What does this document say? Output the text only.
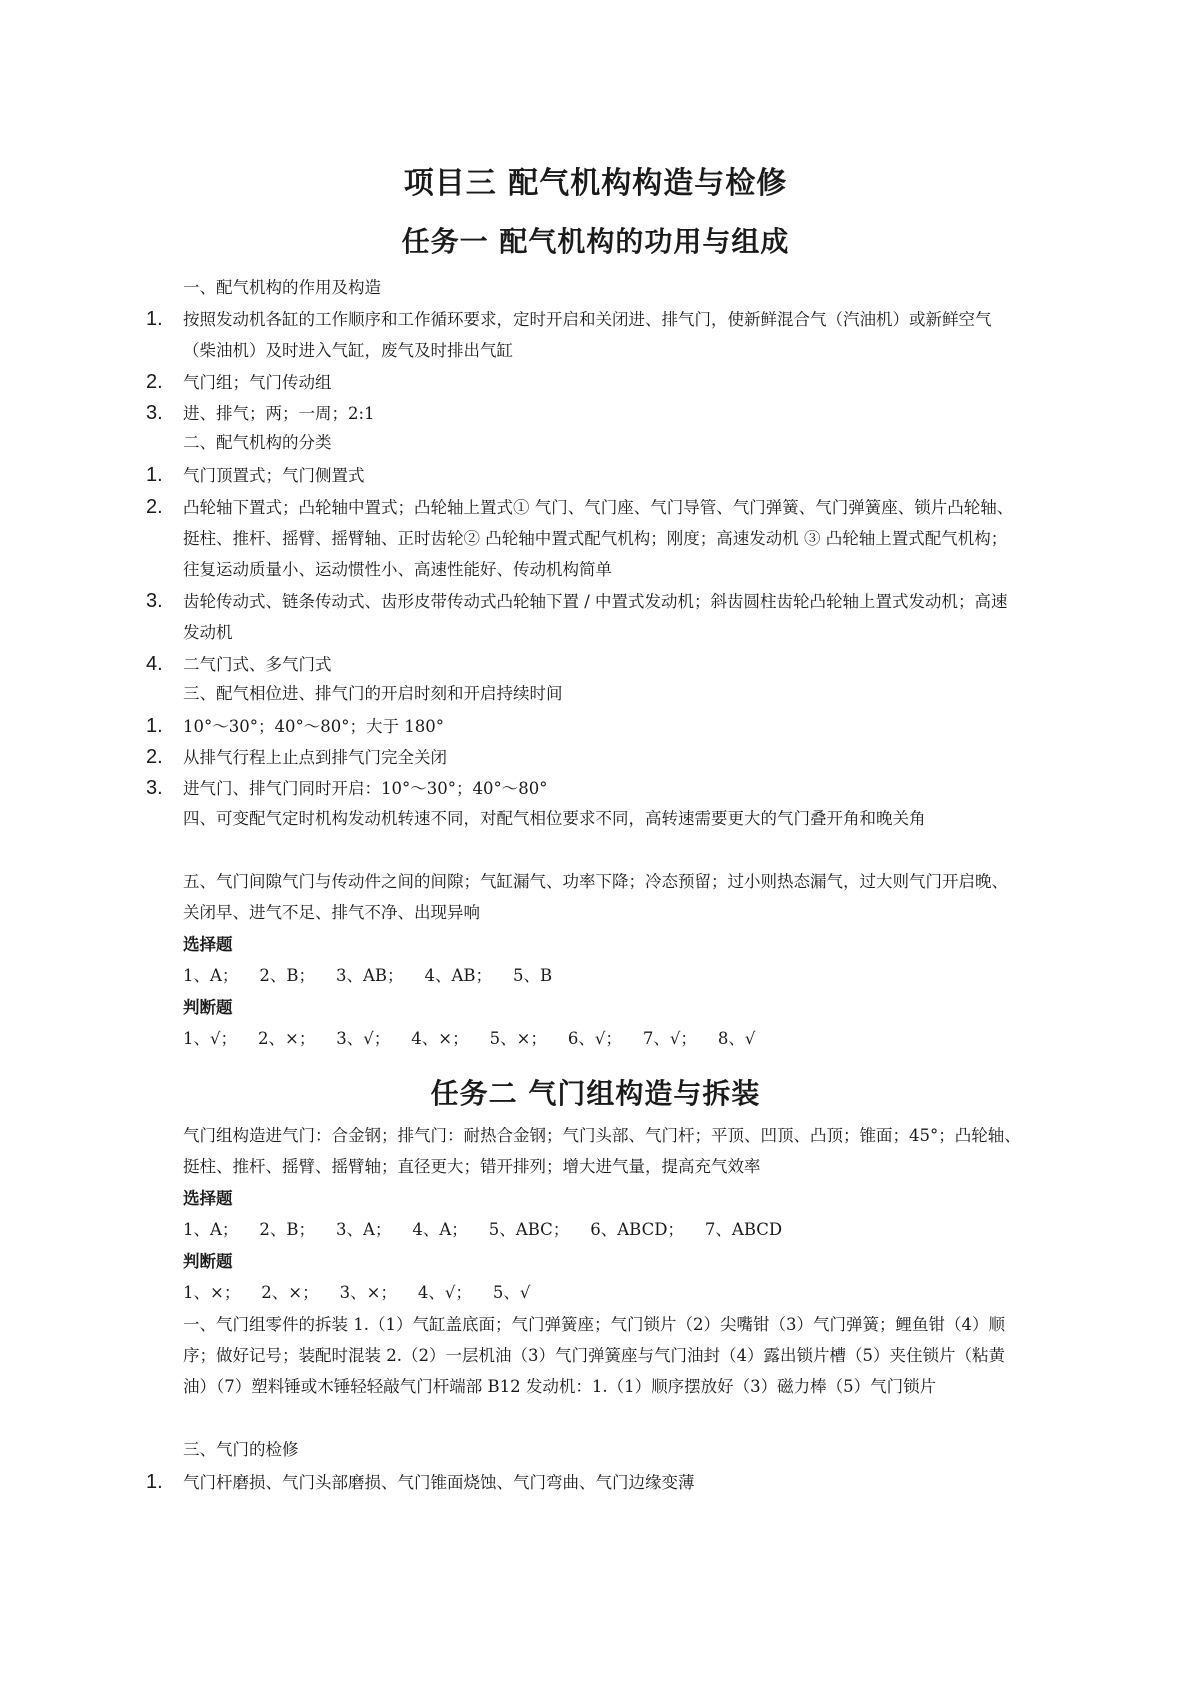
项目三 配气机构构造与检修
任务一 配气机构的功用与组成
一、配气机构的作用及构造
1. 按照发动机各缸的工作顺序和工作循环要求，定时开启和关闭进、排气门，使新鲜混合气（汽油机）或新鲜空气（柴油机）及时进入气缸，废气及时排出气缸
2. 气门组；气门传动组
3. 进、排气；两；一周；2:1
二、配气机构的分类
1. 气门顶置式；气门侧置式
2. 凸轮轴下置式；凸轮轴中置式；凸轮轴上置式① 气门、气门座、气门导管、气门弹簧、气门弹簧座、锁片凸轮轴、挺柱、推杆、摇臂、摇臂轴、正时齿轮② 凸轮轴中置式配气机构；刚度；高速发动机 ③ 凸轮轴上置式配气机构；往复运动质量小、运动惯性小、高速性能好、传动机构简单
3. 齿轮传动式、链条传动式、齿形皮带传动式凸轮轴下置 / 中置式发动机；斜齿圆柱齿轮凸轮轴上置式发动机；高速发动机
4. 二气门式、多气门式
三、配气相位进、排气门的开启时刻和开启持续时间
1. 10°～30°；40°～80°；大于 180°
2. 从排气行程上止点到排气门完全关闭
3. 进气门、排气门同时开启：10°～30°；40°～80°
四、可变配气定时机构发动机转速不同，对配气相位要求不同，高转速需要更大的气门叠开角和晚关角
五、气门间隙气门与传动件之间的间隙；气缸漏气、功率下降；冷态预留；过小则热态漏气，过大则气门开启晚、关闭早、进气不足、排气不净、出现异响
选择题
1、A；    2、B；    3、AB；    4、AB；    5、B
判断题
1、√；    2、×；    3、√；    4、×；    5、×；    6、√；    7、√；    8、√
任务二 气门组构造与拆装
气门组构造进气门：合金钢；排气门：耐热合金钢；气门头部、气门杆；平顶、凹顶、凸顶；锥面；45°；凸轮轴、挺柱、推杆、摇臂、摇臂轴；直径更大；错开排列；增大进气量，提高充气效率
选择题
1、A；    2、B；    3、A；    4、A；    5、ABC；    6、ABCD；    7、ABCD
判断题
1、×；    2、×；    3、×；    4、√；    5、√
一、气门组零件的拆装 1.（1）气缸盖底面；气门弹簧座；气门锁片（2）尖嘴钳（3）气门弹簧；鲤鱼钳（4）顺序；做好记号；装配时混装 2.（2）一层机油（3）气门弹簧座与气门油封（4）露出锁片槽（5）夹住锁片（粘黄油）（7）塑料锤或木锤轻轻敲气门杆端部 B12 发动机：1.（1）顺序摆放好（3）磁力棒（5）气门锁片
三、气门的检修
1. 气门杆磨损、气门头部磨损、气门锥面烧蚀、气门弯曲、气门边缘变薄
